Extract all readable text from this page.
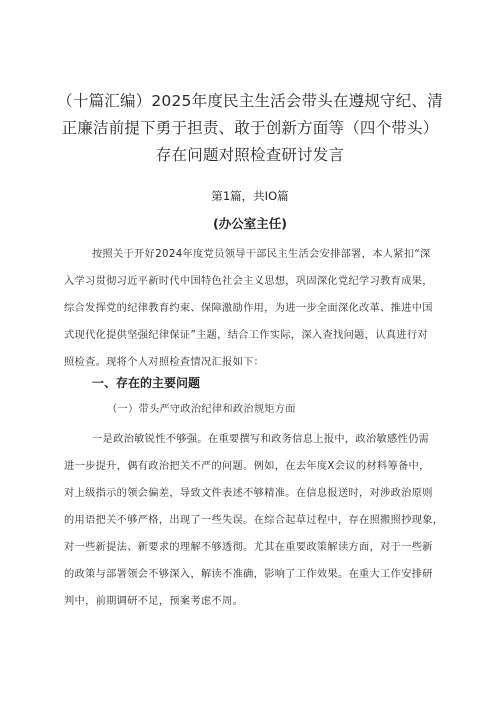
（十篇汇编）2025年度民主生活会带头在遵规守纪、清
正廉洁前提下勇于担责、敢于创新方面等（四个带头）
存在问题对照检查研讨发言
第1篇，共IO篇
(办公室主任)
按照关于开好2024年度党员领导干部民主生活会安排部署，本人紧扣“深
入学习贯彻习近平新时代中国特色社会主义思想，巩固深化党纪学习教育成果，
综合发挥党的纪律教育约束、保障激励作用，为进一步全面深化改革、推进中国
式现代化提供坚强纪律保证”主题，结合工作实际，深入查找问题，认真进行对
照检查。现将个人对照检查情况汇报如下：
一、存在的主要问题
（一）带头严守政治纪律和政治规矩方面
一是政治敏锐性不够强。在重要撰写和政务信息上报中，政治敏感性仍需
进一步提升，偶有政治把关不严的问题。例如，在去年度X会议的材料筹备中，
对上级指示的领会偏差，导致文件表述不够精准。在信息报送时，对涉政治原则
的用语把关不够严格，出现了一些失误。在综合起草过程中，存在照搬照抄现象，
对一些新提法、新要求的理解不够透彻。尤其在重要政策解读方面，对于一些新
的政策与部署领会不够深入，解读不准确，影响了工作效果。在重大工作安排研
判中，前期调研不足，预案考虑不周。
